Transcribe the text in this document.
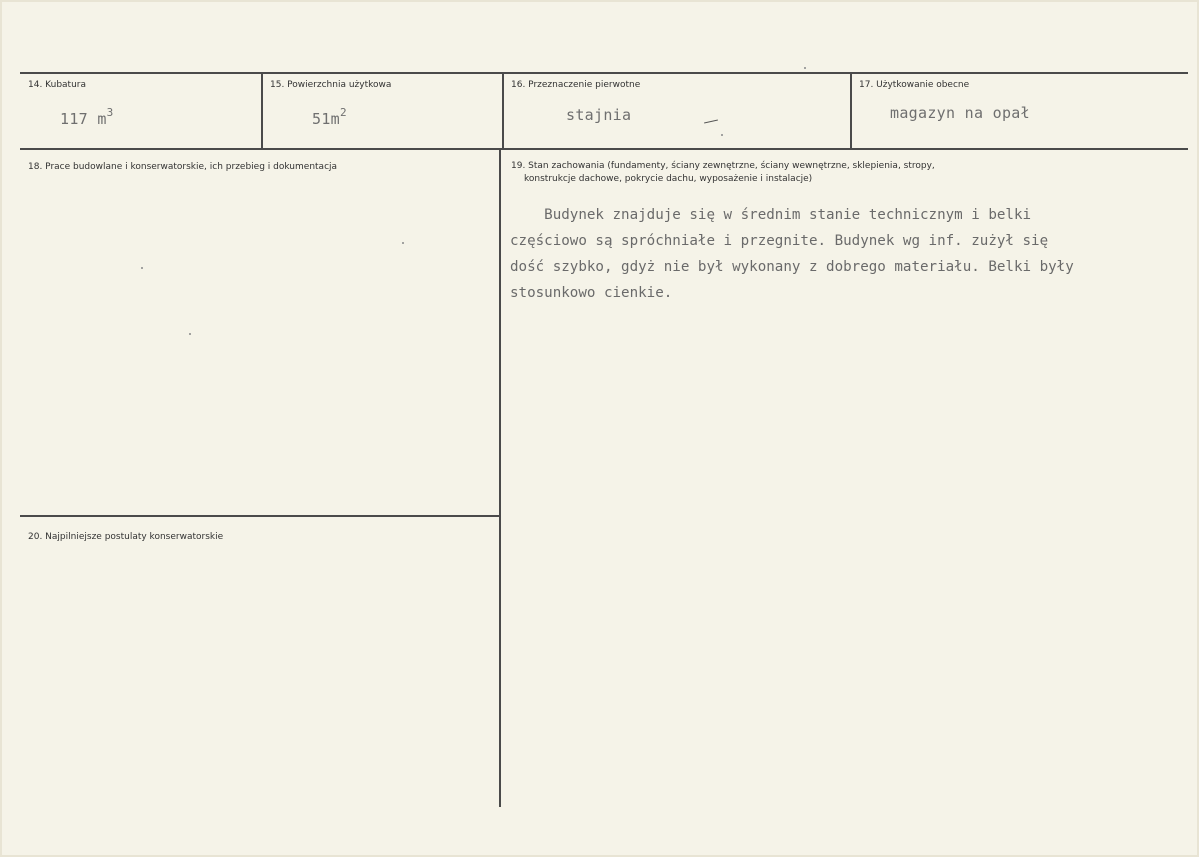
14. Kubatura
117 $m^3$
15. Powierzchnia użytkowa
$51m^2$
16. Przeznaczenie pierwotne
stajnia
17. Użytkowanie obecne
magazyn na opał
18. Prace budowlane i konserwatorskie, ich przebieg i dokumentacja	19. Stan zachowania (fundamenty, ściany zewnętrzne, ściany wewnętrzne, sklepienia, stropy,
konstrukcje dachowe, pokrycie dachu, wyposażenie i instalacje)
Budynek znajduje się w średnim stanie technicznym i belki
częściowo są spróchniałe i przegnite. Budynek wg inf. zużył się
dość szybko, gdyż nie był wykonany z dobrego materiału. Belki były
stosunkowo cienkie.
20. Najpilniejsze postulaty konserwatorskie
